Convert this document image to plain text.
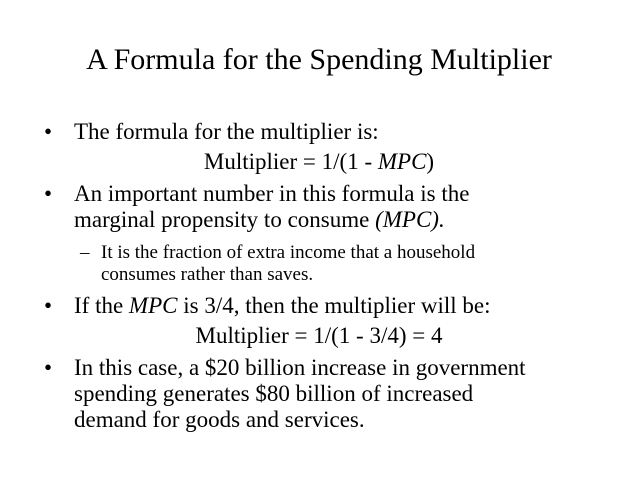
A Formula for the Spending Multiplier
• The formula for the multiplier is:
Multiplier = 1/(1 - MPC)
• An important number in this formula is the
marginal propensity to consume (MPC).
– It is the fraction of extra income that a household
consumes rather than saves.
• If the MPC is 3/4, then the multiplier will be:
Multiplier = 1/(1 - 3/4) = 4
• In this case, a $20 billion increase in government
spending generates $80 billion of increased
demand for goods and services.
